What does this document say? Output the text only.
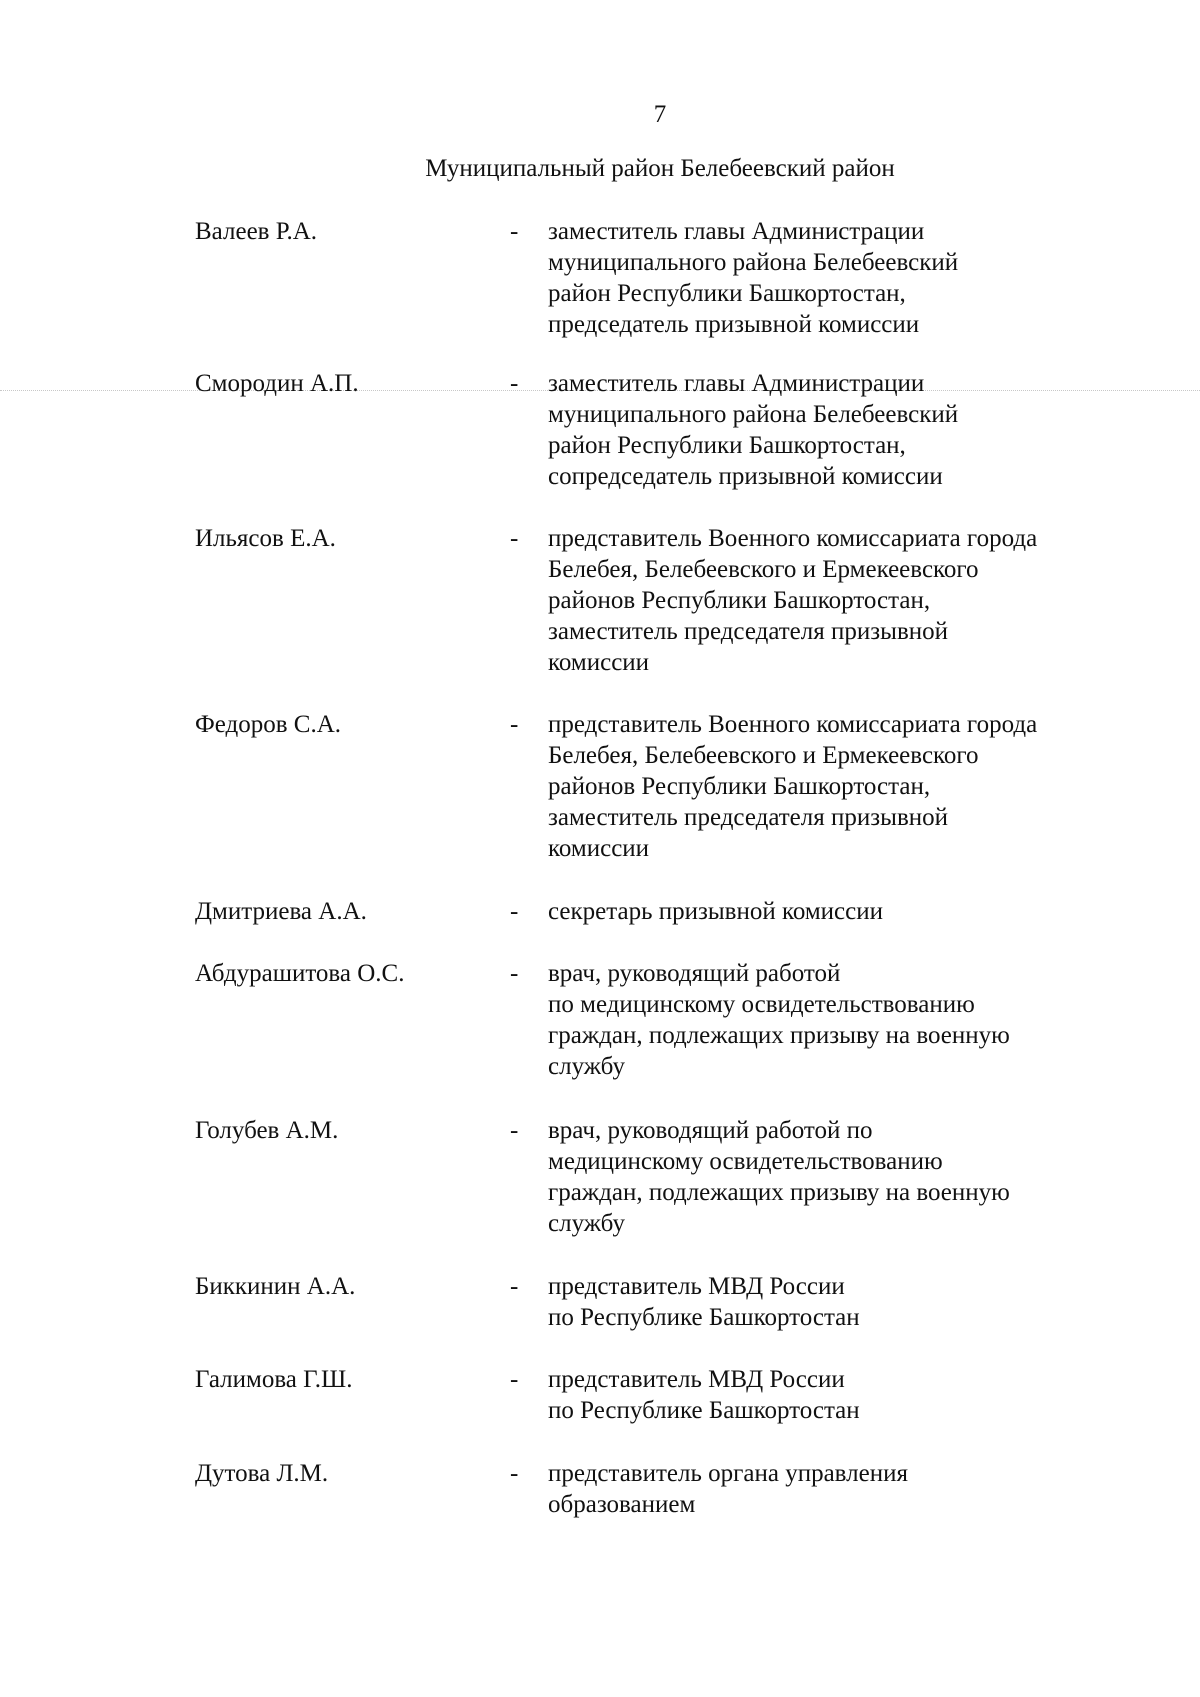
7
Муниципальный район Белебеевский район
Валеев Р.А.	- заместитель главы Администрации
муниципального района Белебеевский
район Республики Башкортостан,
председатель призывной комиссии
Смородин А.П.	- заместитель главы Администрации
муниципального района Белебеевский
район Республики Башкортостан,
сопредседатель призывной комиссии
Ильясов Е.А.	- представитель Военного комиссариата города
Белебея, Белебеевского и Ермекеевского
районов Республики Башкортостан,
заместитель председателя призывной
комиссии
Федоров С.А.	- представитель Военного комиссариата города
Белебея, Белебеевского и Ермекеевского
районов Республики Башкортостан,
заместитель председателя призывной
комиссии
Дмитриева А.А.	- секретарь призывной комиссии
Абдурашитова О.С.	- врач, руководящий работой
по медицинскому освидетельствованию
граждан, подлежащих призыву на военную
службу
Голубев А.М.	- врач, руководящий работой по
медицинскому освидетельствованию
граждан, подлежащих призыву на военную
службу
Биккинин А.А.	- представитель МВД России
по Республике Башкортостан
Галимова Г.Ш.	- представитель МВД России
по Республике Башкортостан
Дутова Л.М.	- представитель органа управления
образованием
